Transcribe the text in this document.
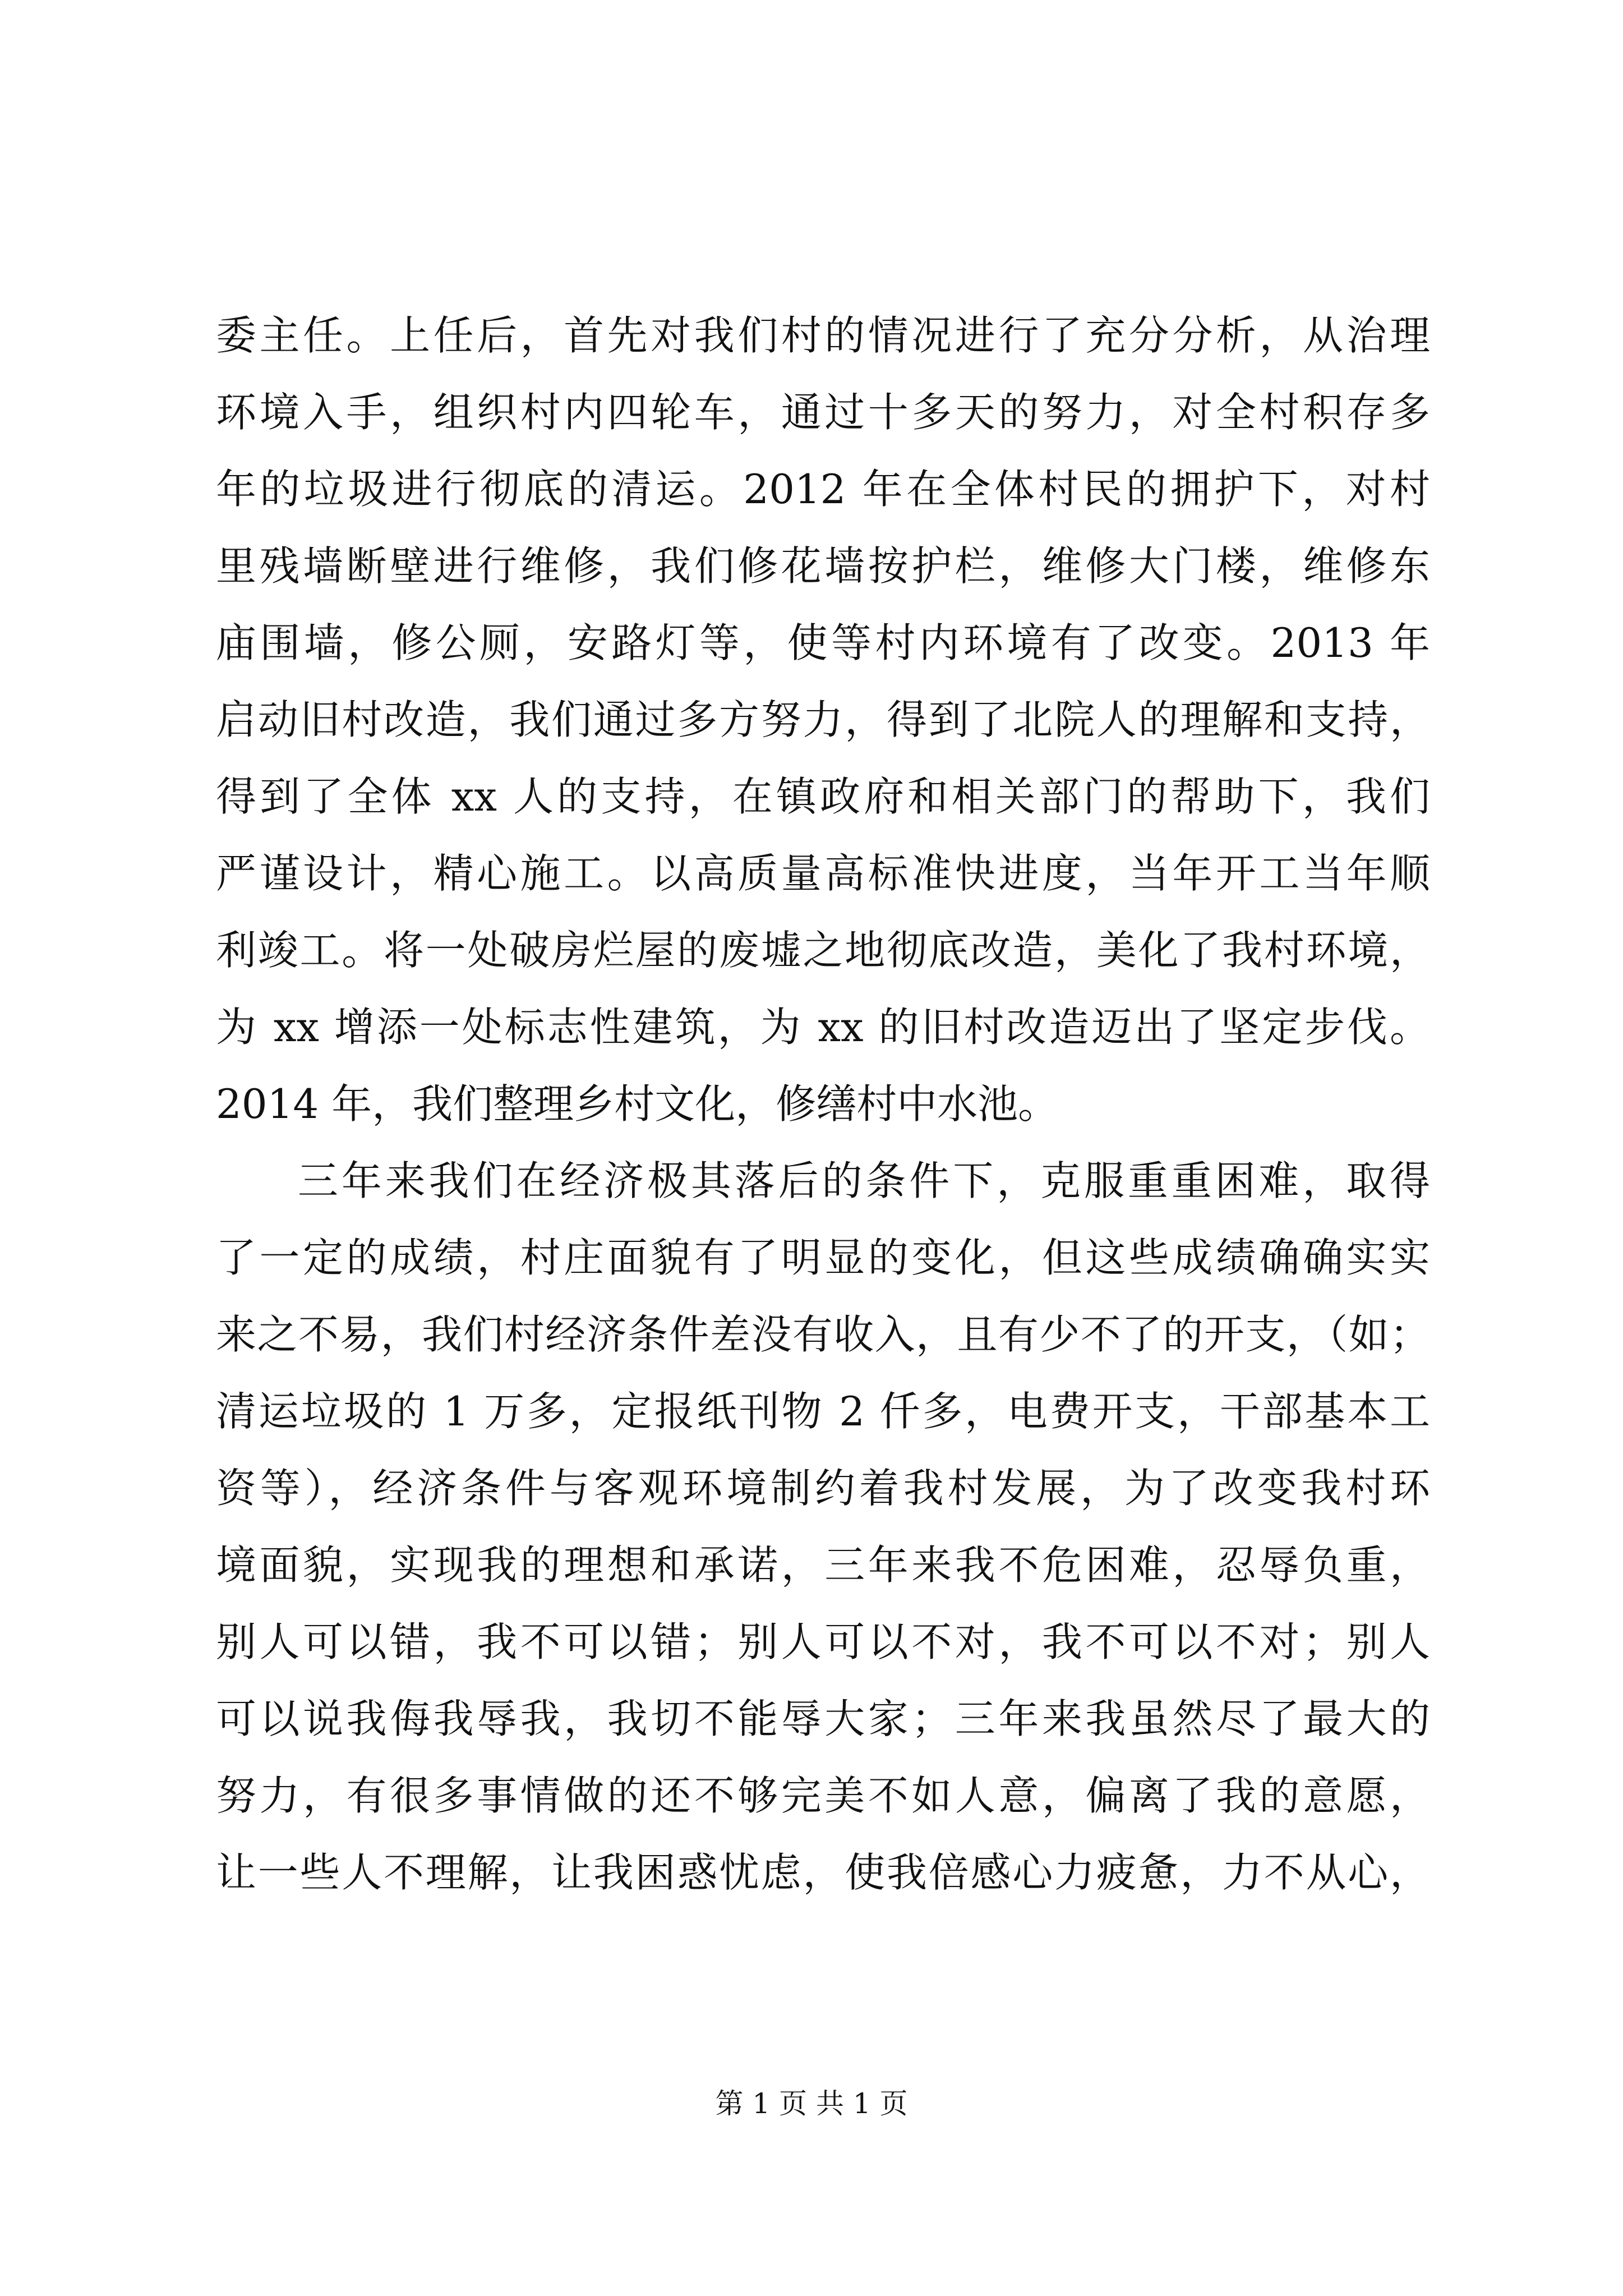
委主任。上任后，首先对我们村的情况进行了充分分析，从治理
环境入手，组织村内四轮车，通过十多天的努力，对全村积存多
年的垃圾进行彻底的清运。2012 年在全体村民的拥护下，对村
里残墙断壁进行维修，我们修花墙按护栏，维修大门楼，维修东
庙围墙，修公厕，安路灯等，使等村内环境有了改变。2013 年
启动旧村改造，我们通过多方努力，得到了北院人的理解和支持，
得到了全体 xx 人的支持，在镇政府和相关部门的帮助下，我们
严谨设计，精心施工。以高质量高标准快进度，当年开工当年顺
利竣工。将一处破房烂屋的废墟之地彻底改造，美化了我村环境，
为 xx 增添一处标志性建筑，为 xx 的旧村改造迈出了坚定步伐。
2014 年，我们整理乡村文化，修缮村中水池。
三年来我们在经济极其落后的条件下，克服重重困难，取得
了一定的成绩，村庄面貌有了明显的变化，但这些成绩确确实实
来之不易，我们村经济条件差没有收入，且有少不了的开支，（如；
清运垃圾的 1 万多，定报纸刊物 2 仟多，电费开支，干部基本工
资等），经济条件与客观环境制约着我村发展，为了改变我村环
境面貌，实现我的理想和承诺，三年来我不危困难，忍辱负重，
别人可以错，我不可以错；别人可以不对，我不可以不对；别人
可以说我侮我辱我，我切不能辱大家；三年来我虽然尽了最大的
努力，有很多事情做的还不够完美不如人意，偏离了我的意愿，
让一些人不理解，让我困惑忧虑，使我倍感心力疲惫，力不从心，
第 1 页 共 1 页
